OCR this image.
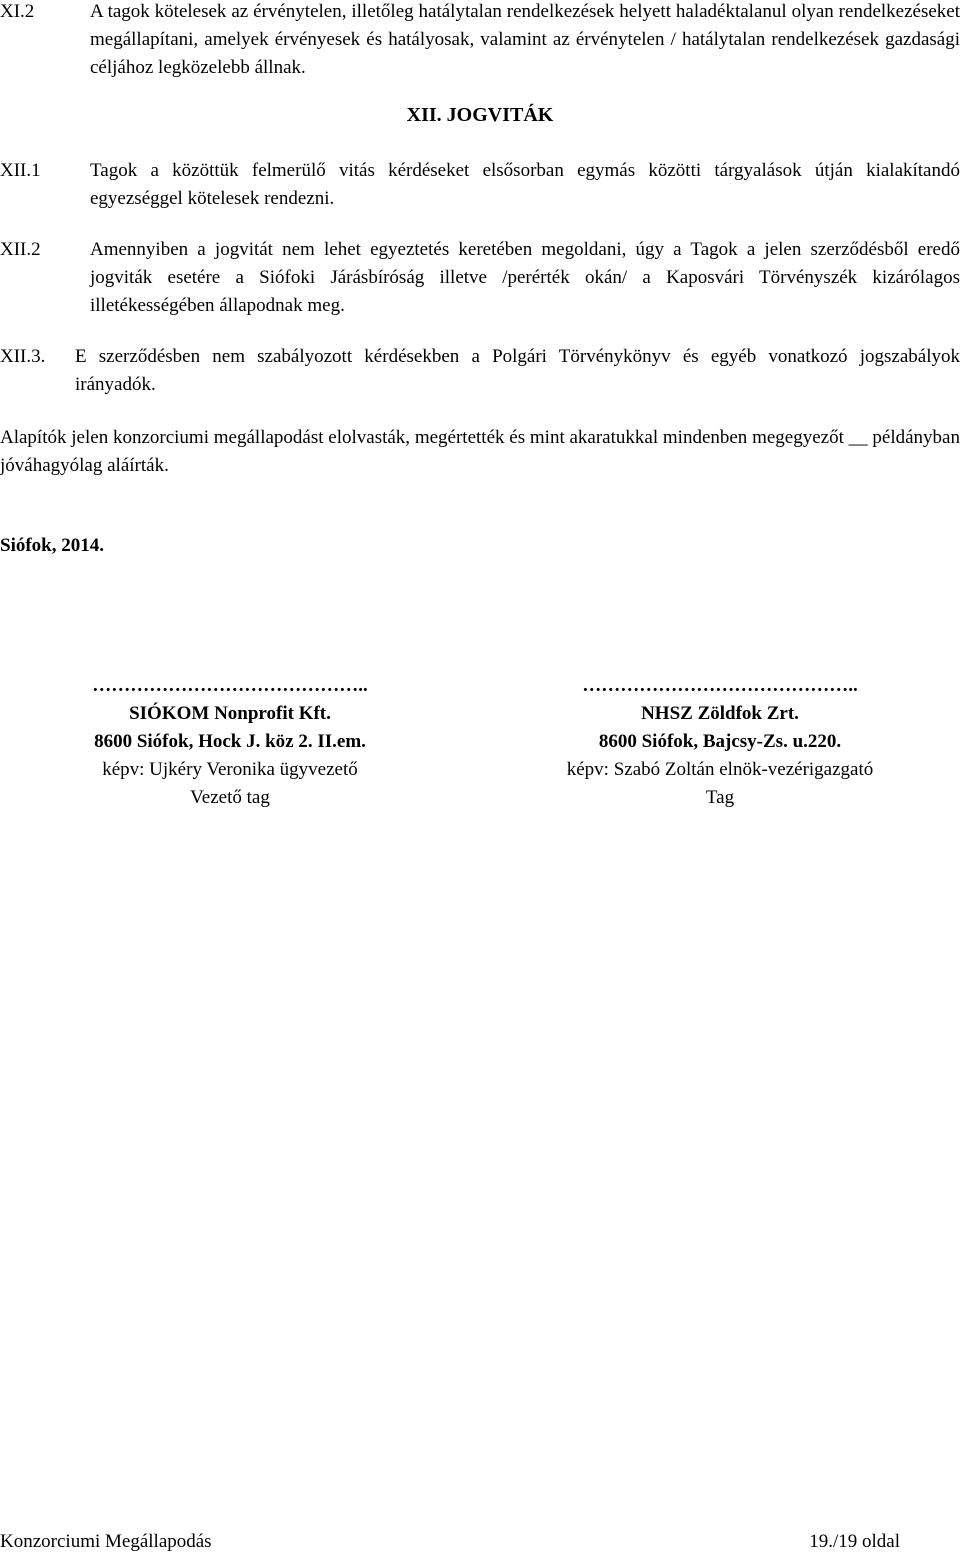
XI.2	A tagok kötelesek az érvénytelen, illetőleg hatálytalan rendelkezések helyett haladéktalanul olyan rendelkezéseket megállapítani, amelyek érvényesek és hatályosak, valamint az érvénytelen / hatálytalan rendelkezések gazdasági céljához legközelebb állnak.
XII. JOGVITÁK
XII.1	Tagok a közöttük felmerülő vitás kérdéseket elsősorban egymás közötti tárgyalások útján kialakítandó egyezséggel kötelesek rendezni.
XII.2	Amennyiben a jogvitát nem lehet egyeztetés keretében megoldani, úgy a Tagok a jelen szerződésből eredő jogviták esetére a Siófoki Járásbíróság illetve /perérték okán/ a Kaposvári Törvényszék kizárólagos illetékességében állapodnak meg.
XII.3.	E szerződésben nem szabályozott kérdésekben a Polgári Törvénykönyv és egyéb vonatkozó jogszabályok irányadók.
Alapítók jelen konzorciumi megállapodást elolvasták, megértették és mint akaratukkal mindenben megegyezőt __ példányban jóváhagyólag aláírták.
Siófok, 2014.
……………………………………..
SIÓKOM Nonprofit Kft.
8600 Siófok, Hock J. köz 2. II.em.
képv: Ujkéry Veronika ügyvezető
Vezető tag
……………………………………..
NHSZ Zöldfok Zrt.
8600 Siófok, Bajcsy-Zs. u.220.
képv: Szabó Zoltán elnök-vezérigazgató
Tag
Konzorciumi Megállapodás	19./19 oldal
